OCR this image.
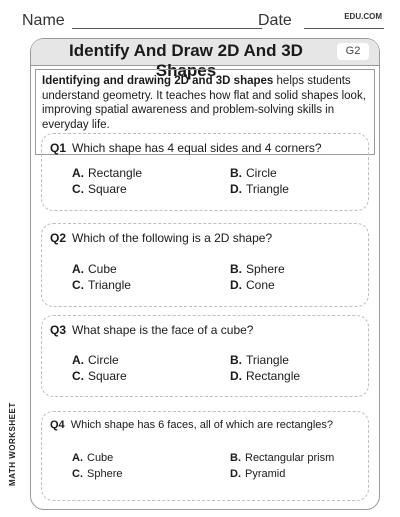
Name	Date	EDU.COM
Identify And Draw 2D And 3D Shapes
G2
Identifying and drawing 2D and 3D shapes helps students understand geometry. It teaches how flat and solid shapes look, improving spatial awareness and problem-solving skills in everyday life.
Q1 Which shape has 4 equal sides and 4 corners?
A. Rectangle	B. Circle
C. Square	D. Triangle
Q2 Which of the following is a 2D shape?
A. Cube	B. Sphere
C. Triangle	D. Cone
Q3 What shape is the face of a cube?
A. Circle	B. Triangle
C. Square	D. Rectangle
Q4 Which shape has 6 faces, all of which are rectangles?
A. Cube	B. Rectangular prism
C. Sphere	D. Pyramid
MATH WORKSHEET
